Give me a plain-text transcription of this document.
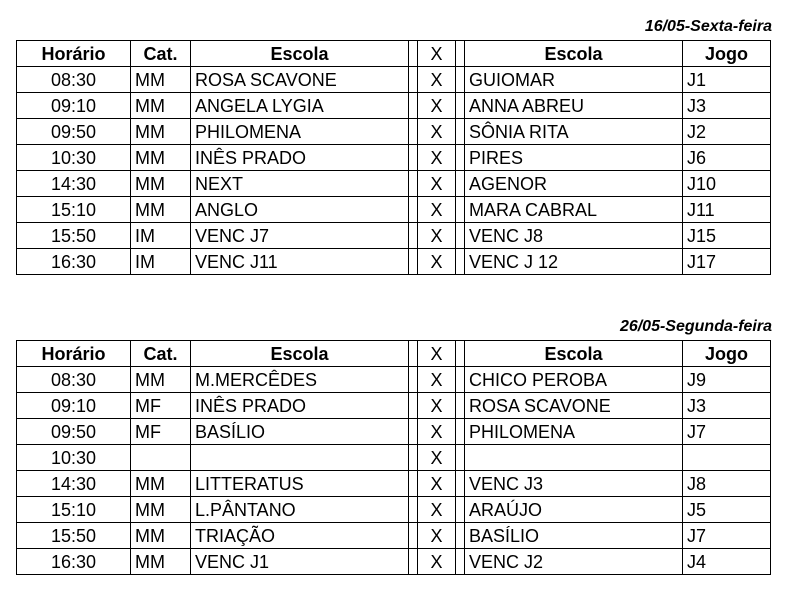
16/05-Sexta-feira
Horário	Cat.	Escola		X		Escola	Jogo
08:30	MM	ROSA SCAVONE		X		GUIOMAR	J1
09:10	MM	ANGELA LYGIA		X		ANNA ABREU	J3
09:50	MM	PHILOMENA		X		SÔNIA RITA	J2
10:30	MM	INÊS PRADO		X		PIRES	J6
14:30	MM	NEXT		X		AGENOR	J10
15:10	MM	ANGLO		X		MARA CABRAL	J11
15:50	IM	VENC J7		X		VENC J8	J15
16:30	IM	VENC J11		X		VENC J 12	J17
26/05-Segunda-feira
Horário	Cat.	Escola		X		Escola	Jogo
08:30	MM	M.MERCÊDES		X		CHICO PEROBA	J9
09:10	MF	INÊS PRADO		X		ROSA SCAVONE	J3
09:50	MF	BASÍLIO		X		PHILOMENA	J7
10:30				X			
14:30	MM	LITTERATUS		X		VENC J3	J8
15:10	MM	L.PÂNTANO		X		ARAÚJO	J5
15:50	MM	TRIAÇÃO		X		BASÍLIO	J7
16:30	MM	VENC J1		X		VENC J2	J4
